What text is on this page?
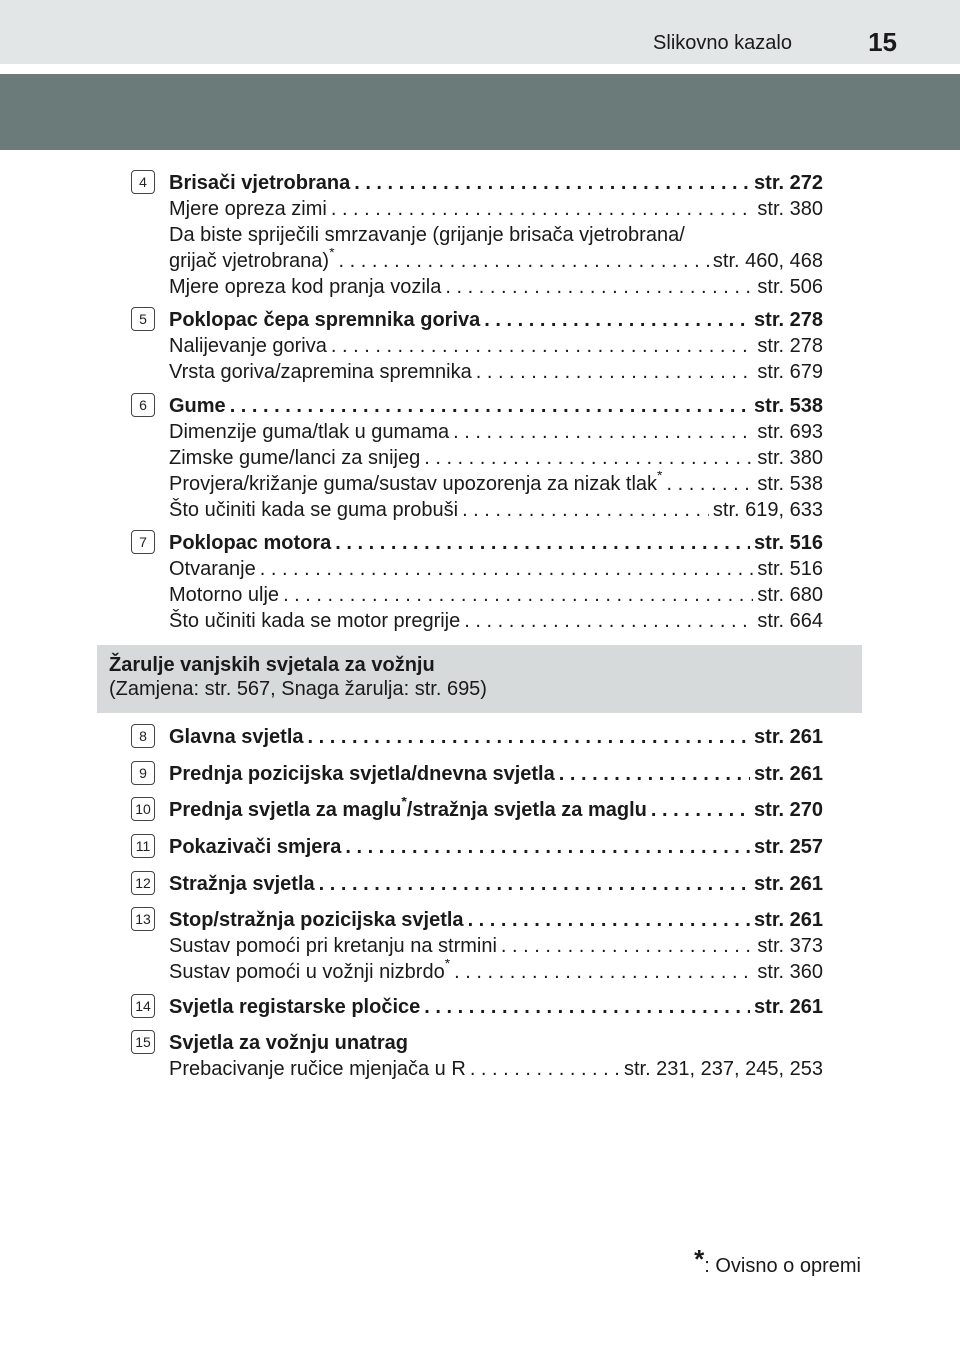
Slikovno kazalo	15
4	Brisači vjetrobrana . . .	str. 272
Mjere opreza zimi . . .	str. 380
Da biste spriječili smrzavanje (grijanje brisača vjetrobrana/
grijač vjetrobrana)* . . .	str. 460, 468
Mjere opreza kod pranja vozila . . .	str. 506
5	Poklopac čepa spremnika goriva . . .	str. 278
Nalijevanje goriva . . .	str. 278
Vrsta goriva/zapremina spremnika . . .	str. 679
6	Gume . . .	str. 538
Dimenzije guma/tlak u gumama . . .	str. 693
Zimske gume/lanci za snijeg . . .	str. 380
Provjera/križanje guma/sustav upozorenja za nizak tlak* . . .	str. 538
Što učiniti kada se guma probuši . . .	str. 619, 633
7	Poklopac motora . . .	str. 516
Otvaranje . . .	str. 516
Motorno ulje . . .	str. 680
Što učiniti kada se motor pregrije . . .	str. 664
Žarulje vanjskih svjetala za vožnju
(Zamjena: str. 567, Snaga žarulja: str. 695)
8	Glavna svjetla . . .	str. 261
9	Prednja pozicijska svjetla/dnevna svjetla . . .	str. 261
10 Prednja svjetla za maglu*/stražnja svjetla za maglu . . .	str. 270
11 Pokazivači smjera . . .	str. 257
12 Stražnja svjetla . . .	str. 261
13 Stop/stražnja pozicijska svjetla . . .	str. 261
Sustav pomoći pri kretanju na strmini . . .	str. 373
Sustav pomoći u vožnji nizbrdo* . . .	str. 360
14 Svjetla registarske pločice . . .	str. 261
15 Svjetla za vožnju unatrag
Prebacivanje ručice mjenjača u R . . .	str. 231, 237, 245, 253
*: Ovisno o opremi
